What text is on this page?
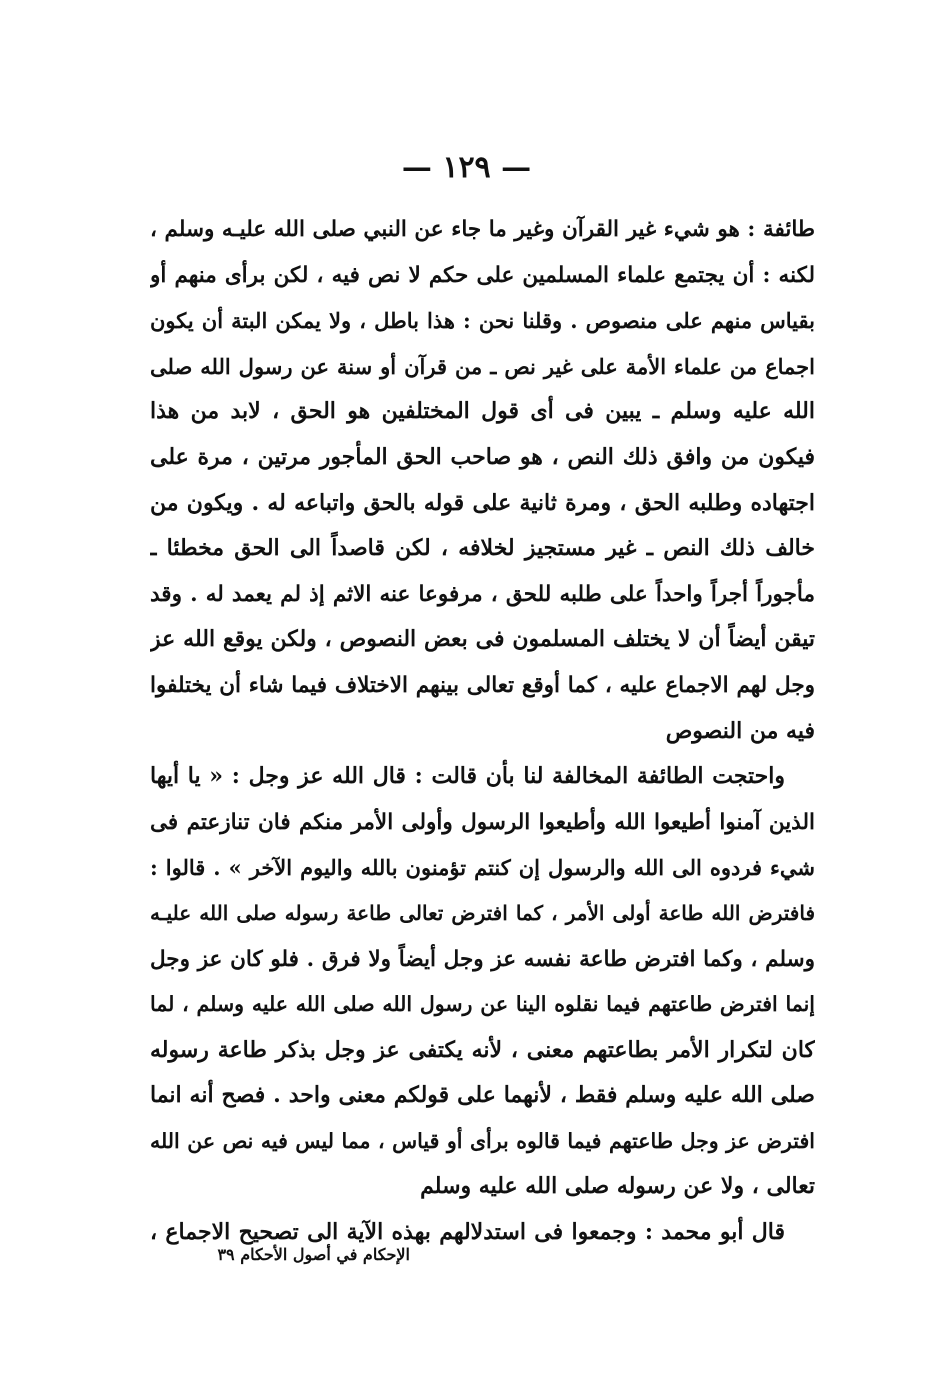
— ١٢٩ —
طائفة : هو شيء غير القرآن وغير ما جاء عن النبي صلى الله عليـه وسلم ،
لكنه : أن يجتمع علماء المسلمين على حكم لا نص فيه ، لكن برأى منهم أو
بقياس منهم على منصوص . وقلنا نحن : هذا باطل ، ولا يمكن البتة أن يكون
اجماع من علماء الأمة على غير نص ـ من قرآن أو سنة عن رسول الله صلى
الله عليه وسلم ـ يبين فى أى قول المختلفين هو الحق ، لابد من هذا
فيكون من وافق ذلك النص ، هو صاحب الحق المأجور مرتين ، مرة على
اجتهاده وطلبه الحق ، ومرة ثانية على قوله بالحق واتباعه له . ويكون من
خالف ذلك النص ـ غير مستجيز لخلافه ، لكن قاصداً الى الحق مخطئا ـ
مأجوراً أجراً واحداً على طلبه للحق ، مرفوعا عنه الاثم إذ لم يعمد له . وقد
تيقن أيضاً أن لا يختلف المسلمون فى بعض النصوص ، ولكن يوقع الله عز
وجل لهم الاجماع عليه ، كما أوقع تعالى بينهم الاختلاف فيما شاء أن يختلفوا
فيه من النصوص
واحتجت الطائفة المخالفة لنا بأن قالت : قال الله عز وجل : « يا أيها
الذين آمنوا أطيعوا الله وأطيعوا الرسول وأولى الأمر منكم فان تنازعتم فى
شيء فردوه الى الله والرسول إن كنتم تؤمنون بالله واليوم الآخر » . قالوا :
فافترض الله طاعة أولى الأمر ، كما افترض تعالى طاعة رسوله صلى الله عليـه
وسلم ، وكما افترض طاعة نفسه عز وجل أيضاً ولا فرق . فلو كان عز وجل
إنما افترض طاعتهم فيما نقلوه الينا عن رسول الله صلى الله عليه وسلم ، لما
كان لتكرار الأمر بطاعتهم معنى ، لأنه يكتفى عز وجل بذكر طاعة رسوله
صلى الله عليه وسلم فقط ، لأنهما على قولكم معنى واحد . فصح أنه انما
افترض عز وجل طاعتهم فيما قالوه برأى أو قياس ، مما ليس فيه نص عن الله
تعالى ، ولا عن رسوله صلى الله عليه وسلم
قال أبو محمد : وجمعوا فى استدلالهم بهذه الآية الى تصحيح الاجماع ،
الإحكام في أصول الأحكام ٣٩
